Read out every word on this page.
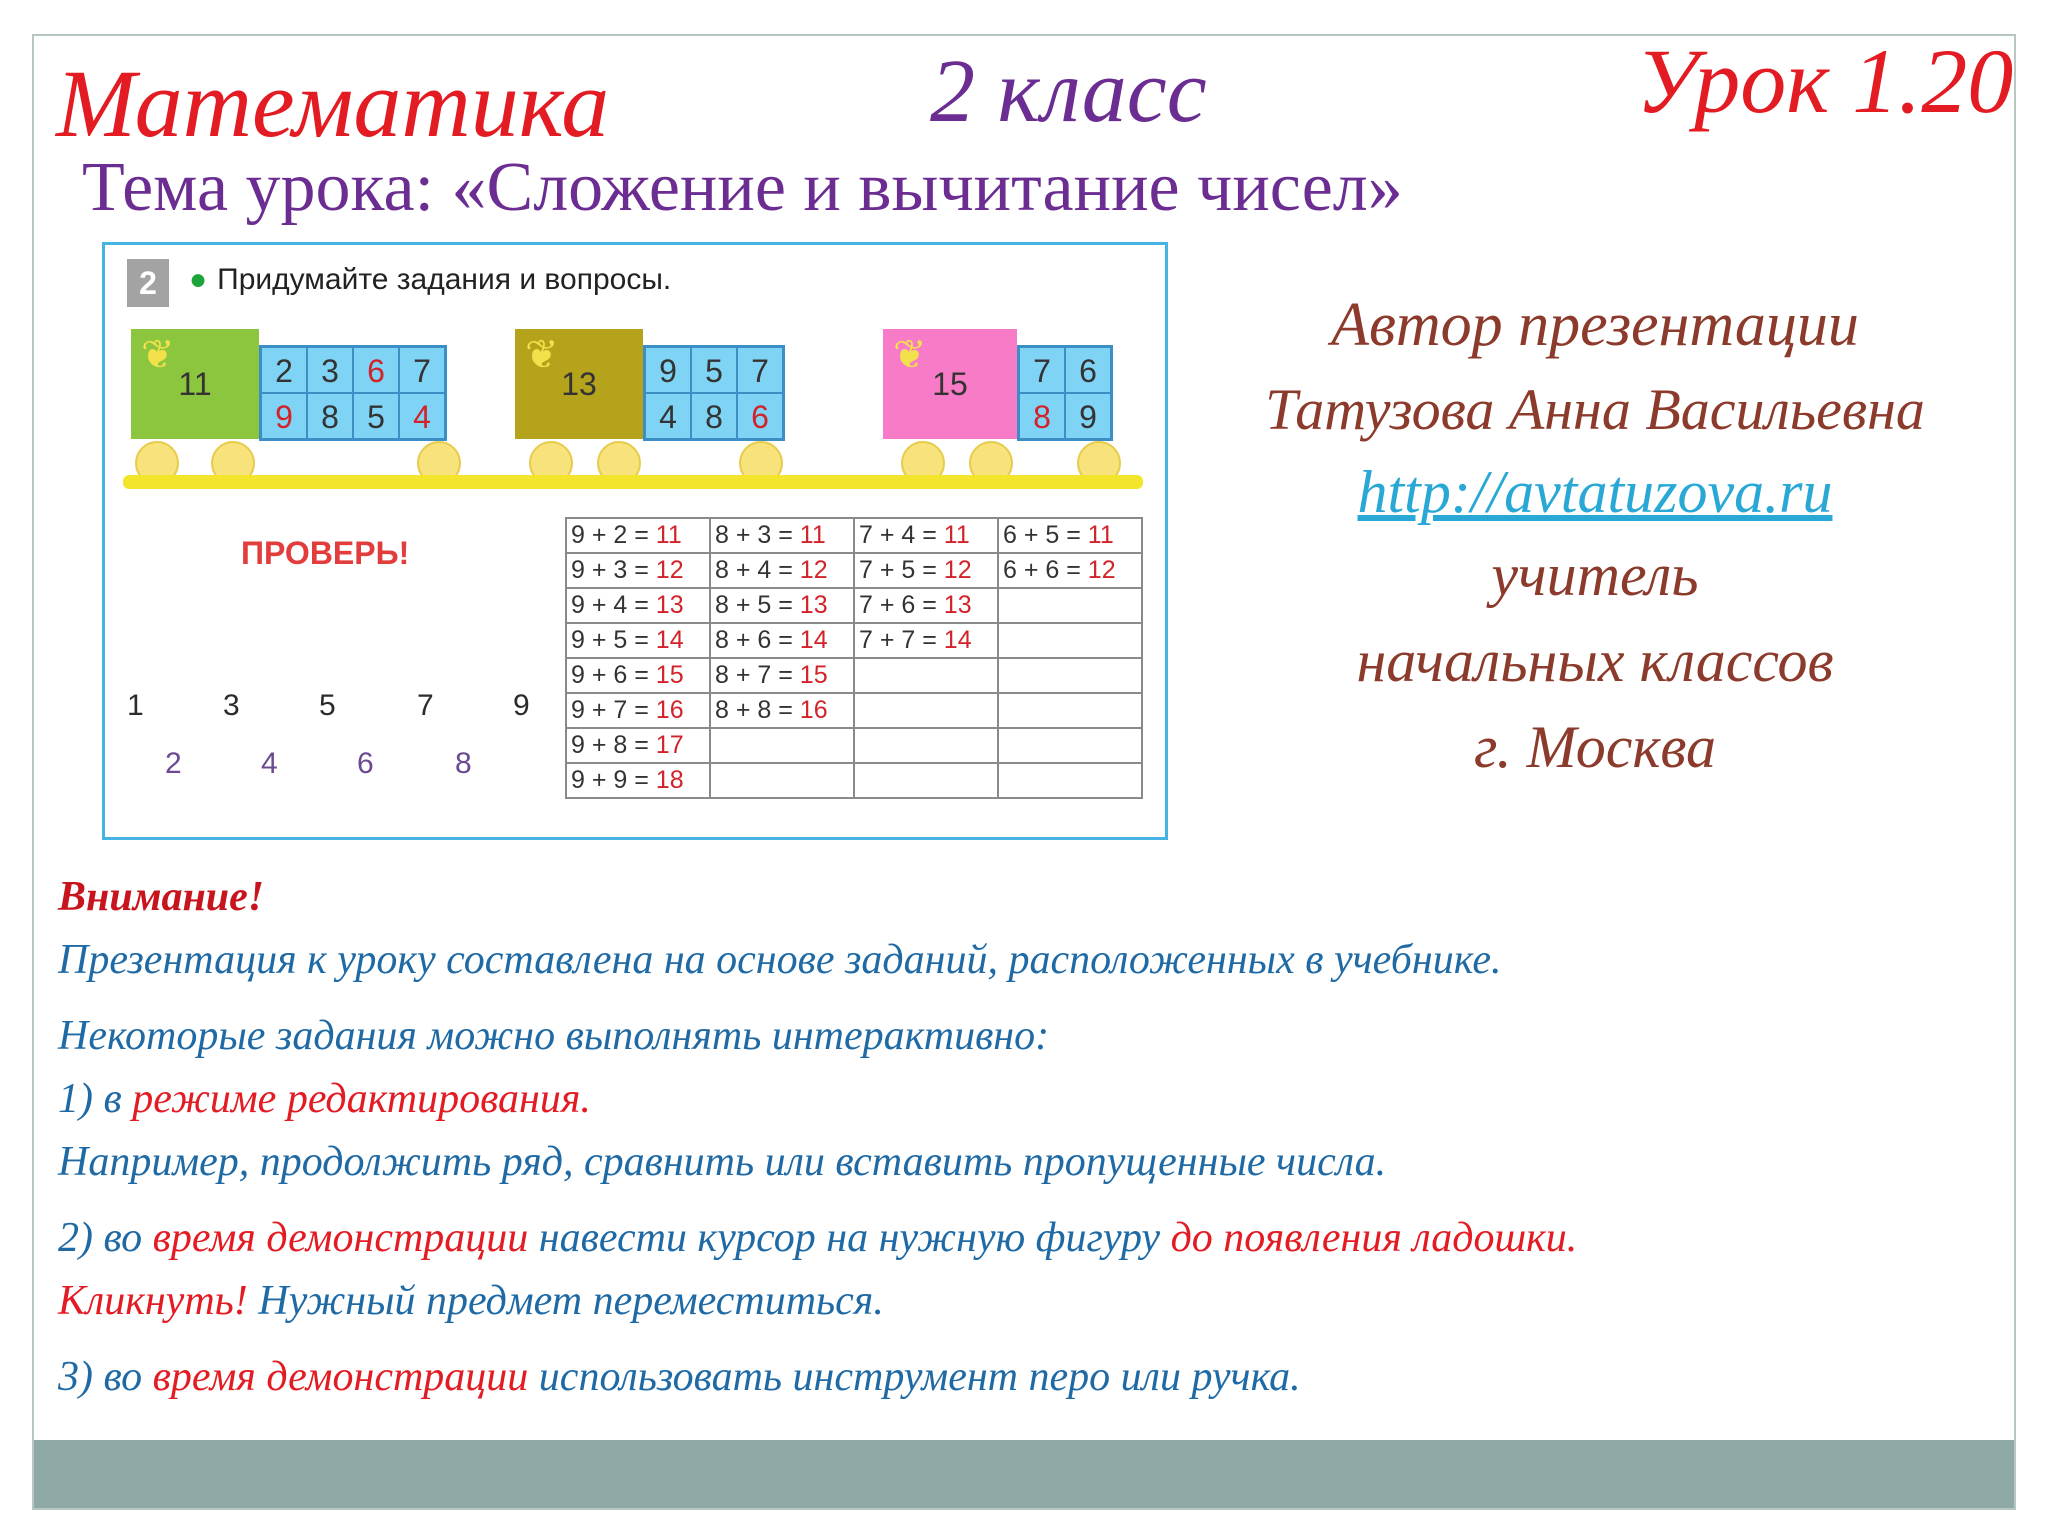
Математика	2 класс	Урок 1.20
Тема урока: «Сложение и вычитание чисел»
2	● Придумайте задания и вопросы.
❦
11	2 3 6 7
9 8 5 4
❦
13	9 5 7
4 8 6
❦
15	7 6
8 9
ПРОВЕРЬ!
1	3	5	7	9
2	4	6	8
9 + 2 = 11	8 + 3 = 11	7 + 4 = 11	6 + 5 = 11
9 + 3 = 12	8 + 4 = 12	7 + 5 = 12	6 + 6 = 12
9 + 4 = 13	8 + 5 = 13	7 + 6 = 13	
9 + 5 = 14	8 + 6 = 14	7 + 7 = 14	
9 + 6 = 15	8 + 7 = 15		
9 + 7 = 16	8 + 8 = 16		
9 + 8 = 17			
9 + 9 = 18			
Автор презентации
Татузова Анна Васильевна
http://avtatuzova.ru
учитель
начальных классов
г. Москва

Внимание!

Презентация к уроку составлена на основе заданий, расположенных в учебнике.

Некоторые задания можно выполнять интерактивно:

1) в режиме редактирования.

Например, продолжить ряд, сравнить или вставить пропущенные числа.

2) во время демонстрации навести курсор на нужную фигуру до появления ладошки.

Кликнуть! Нужный предмет переместиться.

3) во время демонстрации использовать инструмент перо или ручка.
